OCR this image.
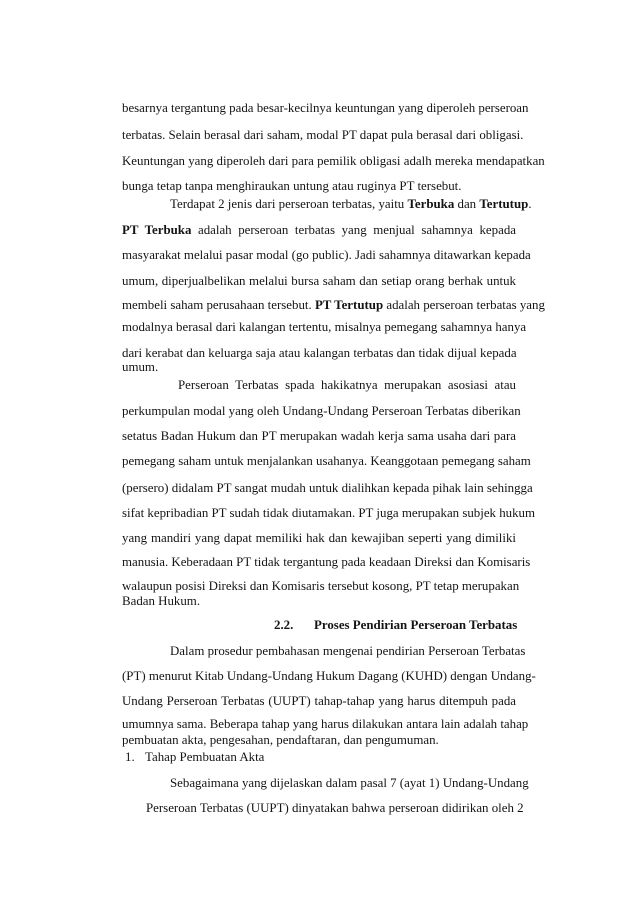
besarnya tergantung pada besar-kecilnya keuntungan yang diperoleh perseroan
terbatas. Selain berasal dari saham, modal PT dapat pula berasal dari obligasi.
Keuntungan yang diperoleh dari para pemilik obligasi adalh mereka mendapatkan
bunga tetap tanpa menghiraukan untung atau ruginya PT tersebut.
Terdapat 2 jenis dari perseroan terbatas, yaitu Terbuka dan Tertutup.
PT Terbuka adalah perseroan terbatas yang menjual sahamnya kepada
masyarakat melalui pasar modal (go public). Jadi sahamnya ditawarkan kepada
umum, diperjualbelikan melalui bursa saham dan setiap orang berhak untuk
membeli saham perusahaan tersebut. PT Tertutup adalah perseroan terbatas yang
modalnya berasal dari kalangan tertentu, misalnya pemegang sahamnya hanya
dari kerabat dan keluarga saja atau kalangan terbatas dan tidak dijual kepada
umum.
Perseroan Terbatas spada hakikatnya merupakan asosiasi atau
perkumpulan modal yang oleh Undang-Undang Perseroan Terbatas diberikan
setatus Badan Hukum dan PT merupakan wadah kerja sama usaha dari para
pemegang saham untuk menjalankan usahanya. Keanggotaan pemegang saham
(persero) didalam PT sangat mudah untuk dialihkan kepada pihak lain sehingga
sifat kepribadian PT sudah tidak diutamakan. PT juga merupakan subjek hukum
yang mandiri yang dapat memiliki hak dan kewajiban seperti yang dimiliki
manusia. Keberadaan PT tidak tergantung pada keadaan Direksi dan Komisaris
walaupun posisi Direksi dan Komisaris tersebut kosong, PT tetap merupakan
Badan Hukum.
2.2. Proses Pendirian Perseroan Terbatas
Dalam prosedur pembahasan mengenai pendirian Perseroan Terbatas
(PT) menurut Kitab Undang-Undang Hukum Dagang (KUHD) dengan Undang-
Undang Perseroan Terbatas (UUPT) tahap-tahap yang harus ditempuh pada
umumnya sama. Beberapa tahap yang harus dilakukan antara lain adalah tahap
pembuatan akta, pengesahan, pendaftaran, dan pengumuman.
1. Tahap Pembuatan Akta
Sebagaimana yang dijelaskan dalam pasal 7 (ayat 1) Undang-Undang
Perseroan Terbatas (UUPT) dinyatakan bahwa perseroan didirikan oleh 2
